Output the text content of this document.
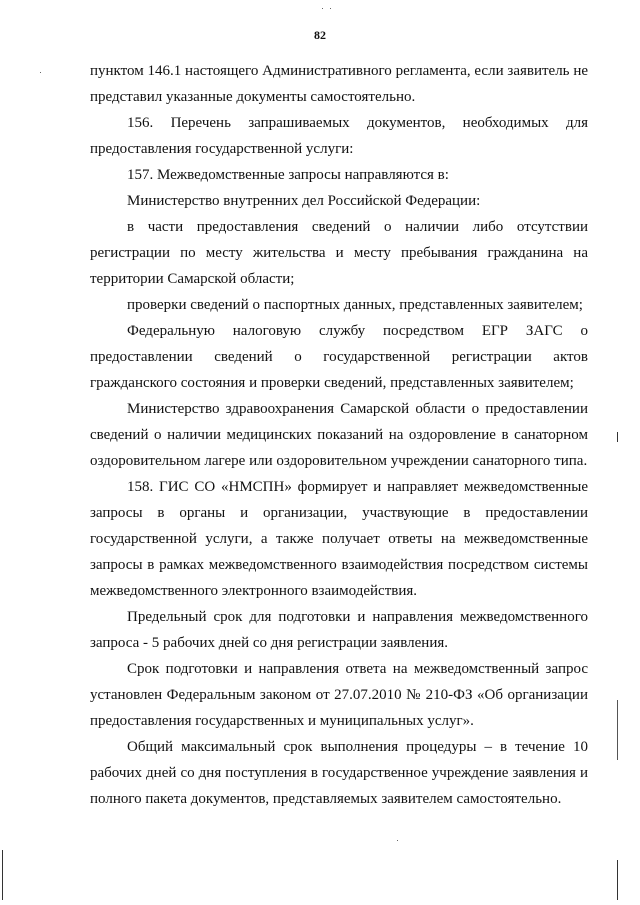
82

пунктом 146.1 настоящего Административного регламента, если заявитель не представил указанные документы самостоятельно.

156. Перечень запрашиваемых документов, необходимых для предоставления государственной услуги:

157. Межведомственные запросы направляются в:

Министерство внутренних дел Российской Федерации:

в части предоставления сведений о наличии либо отсутствии регистрации по месту жительства и месту пребывания гражданина на территории Самарской области;

проверки сведений о паспортных данных, представленных заявителем;

Федеральную налоговую службу посредством ЕГР ЗАГС о предоставлении сведений о государственной регистрации актов гражданского состояния и проверки сведений, представленных заявителем;

Министерство здравоохранения Самарской области о предоставлении сведений о наличии медицинских показаний на оздоровление в санаторном оздоровительном лагере или оздоровительном учреждении санаторного типа.

158. ГИС СО «НМСПН» формирует и направляет межведомственные запросы в органы и организации, участвующие в предоставлении государственной услуги, а также получает ответы на межведомственные запросы в рамках межведомственного взаимодействия посредством системы межведомственного электронного взаимодействия.

Предельный срок для подготовки и направления межведомственного запроса - 5 рабочих дней со дня регистрации заявления.

Срок подготовки и направления ответа на межведомственный запрос установлен Федеральным законом от 27.07.2010 № 210-ФЗ «Об организации предоставления государственных и муниципальных услуг».

Общий максимальный срок выполнения процедуры – в течение 10 рабочих дней со дня поступления в государственное учреждение заявления и полного пакета документов, представляемых заявителем самостоятельно.
